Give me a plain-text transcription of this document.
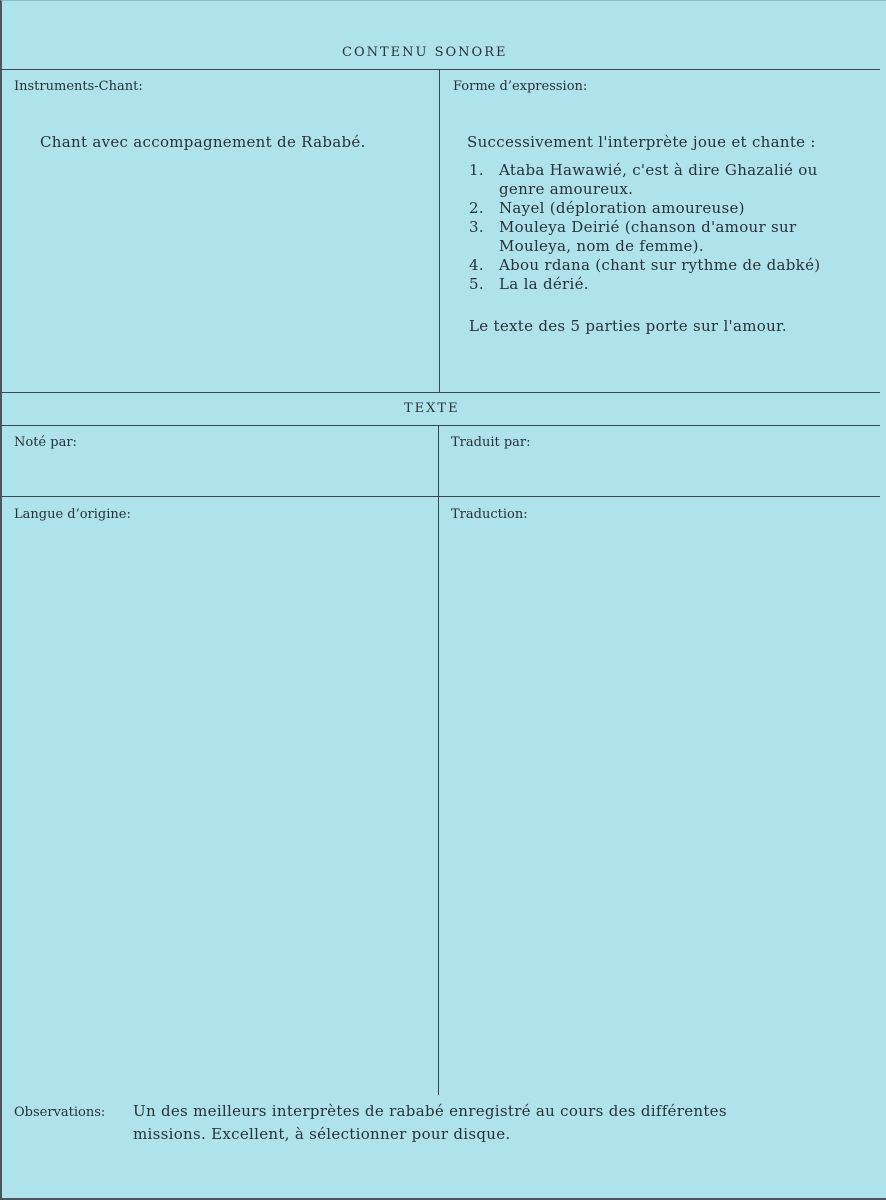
CONTENU SONORE
Instruments-Chant:
Chant avec accompagnement de Rababé.
Forme d’expression:
Successivement l'interprète joue et chante :
1. Ataba Hawawié, c'est à dire Ghazalié ou
genre amoureux.
2. Nayel (déploration amoureuse)
3. Mouleya Deirié (chanson d'amour sur
Mouleya, nom de femme).
4. Abou rdana (chant sur rythme de dabké)
5. La la dérié.
Le texte des 5 parties porte sur l'amour.
TEXTE
Noté par:	Traduit par:
Langue d’origine:	Traduction:
Observations: Un des meilleurs interprètes de rababé enregistré au cours des différentes
missions. Excellent, à sélectionner pour disque.
